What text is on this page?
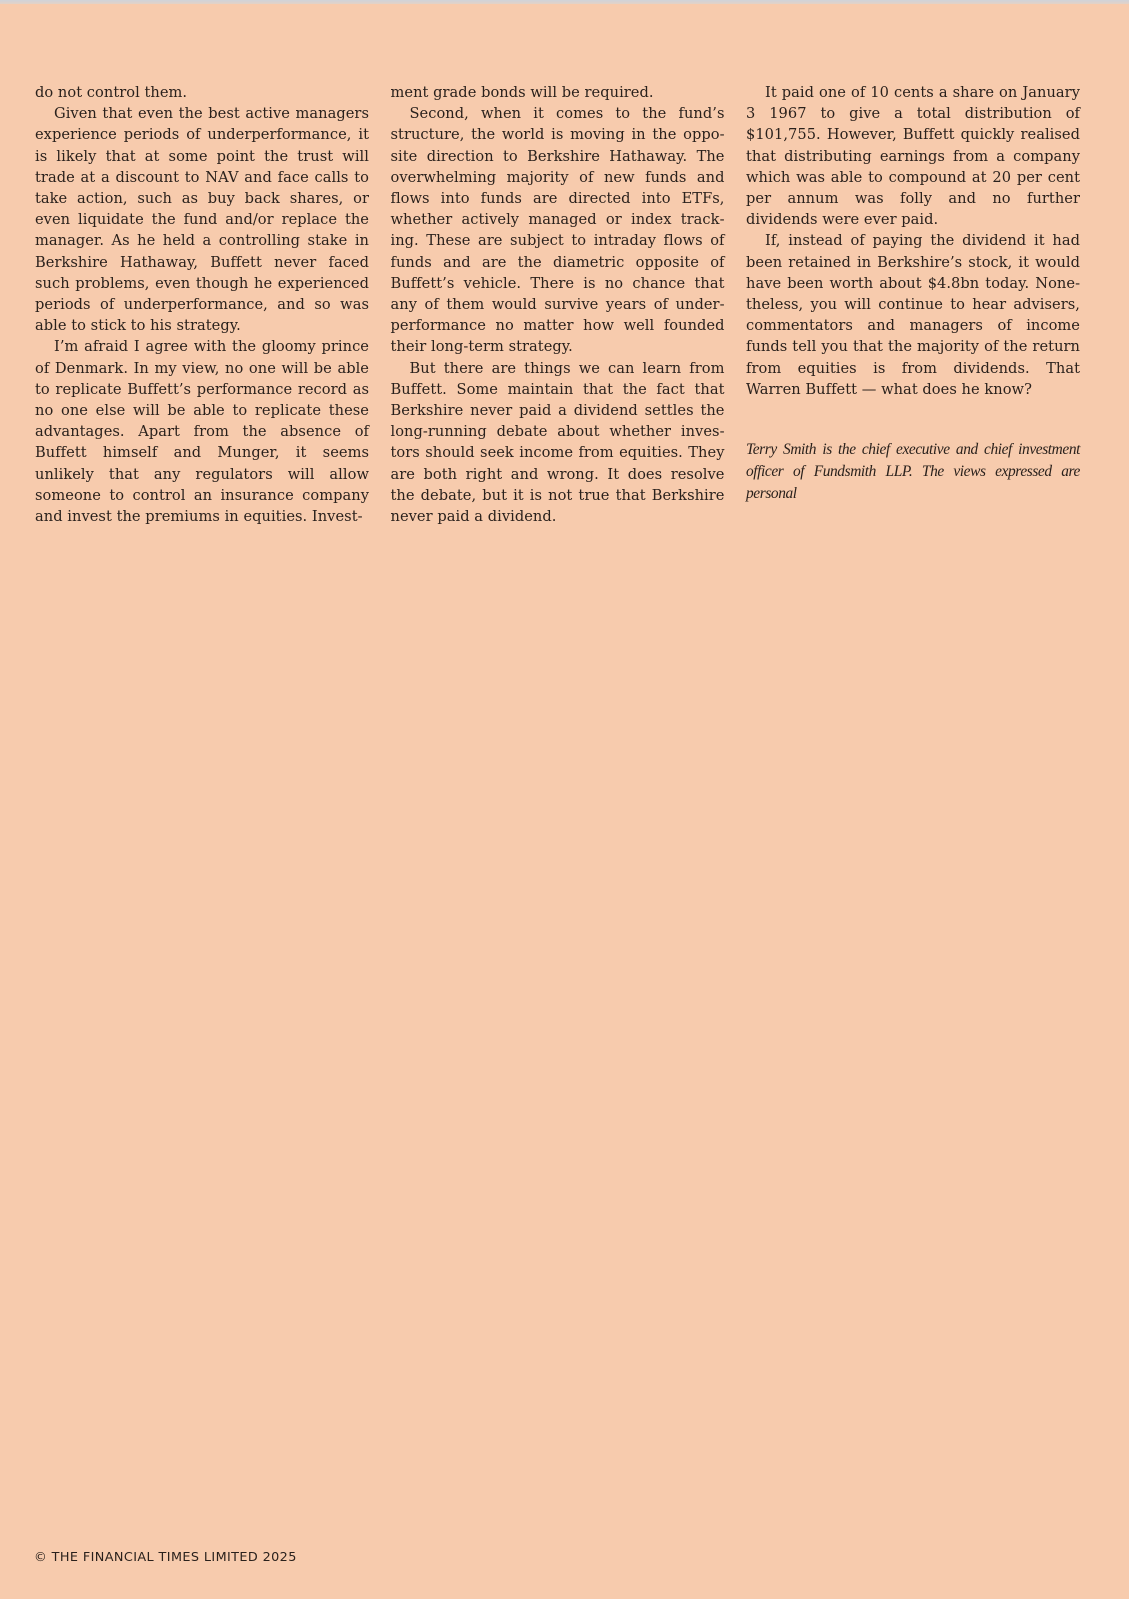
do not control them.

Given that even the best active managers experience periods of underperformance, it is likely that at some point the trust will trade at a discount to NAV and face calls to take action, such as buy back shares, or even liquidate the fund and/or replace the manager. As he held a controlling stake in Berkshire Hathaway, Buffett never faced such problems, even though he experienced periods of underperformance, and so was able to stick to his strategy.

I’m afraid I agree with the gloomy prince of Denmark. In my view, no one will be able to replicate Buffett’s performance record as no one else will be able to replicate these advantages. Apart from the absence of Buffett himself and Munger, it seems unlikely that any regulators will allow someone to control an insurance company and invest the premiums in equities. Invest-

ment grade bonds will be required.

Second, when it comes to the fund’s structure, the world is moving in the opposite direction to Berkshire Hathaway. The overwhelming majority of new funds and flows into funds are directed into ETFs, whether actively managed or index tracking. These are subject to intraday flows of funds and are the diametric opposite of Buffett’s vehicle. There is no chance that any of them would survive years of underperformance no matter how well founded their long-term strategy.

But there are things we can learn from Buffett. Some maintain that the fact that Berkshire never paid a dividend settles the long-running debate about whether investors should seek income from equities. They are both right and wrong. It does resolve the debate, but it is not true that Berkshire never paid a dividend.

It paid one of 10 cents a share on January 3 1967 to give a total distribution of $101,755. However, Buffett quickly realised that distributing earnings from a company which was able to compound at 20 per cent per annum was folly and no further dividends were ever paid.

If, instead of paying the dividend it had been retained in Berkshire’s stock, it would have been worth about $4.8bn today. Nonetheless, you will continue to hear advisers, commentators and managers of income funds tell you that the majority of the return from equities is from dividends. That Warren Buffett — what does he know?

Terry Smith is the chief executive and chief investment officer of Fundsmith LLP. The views expressed are personal
© THE FINANCIAL TIMES LIMITED 2025
